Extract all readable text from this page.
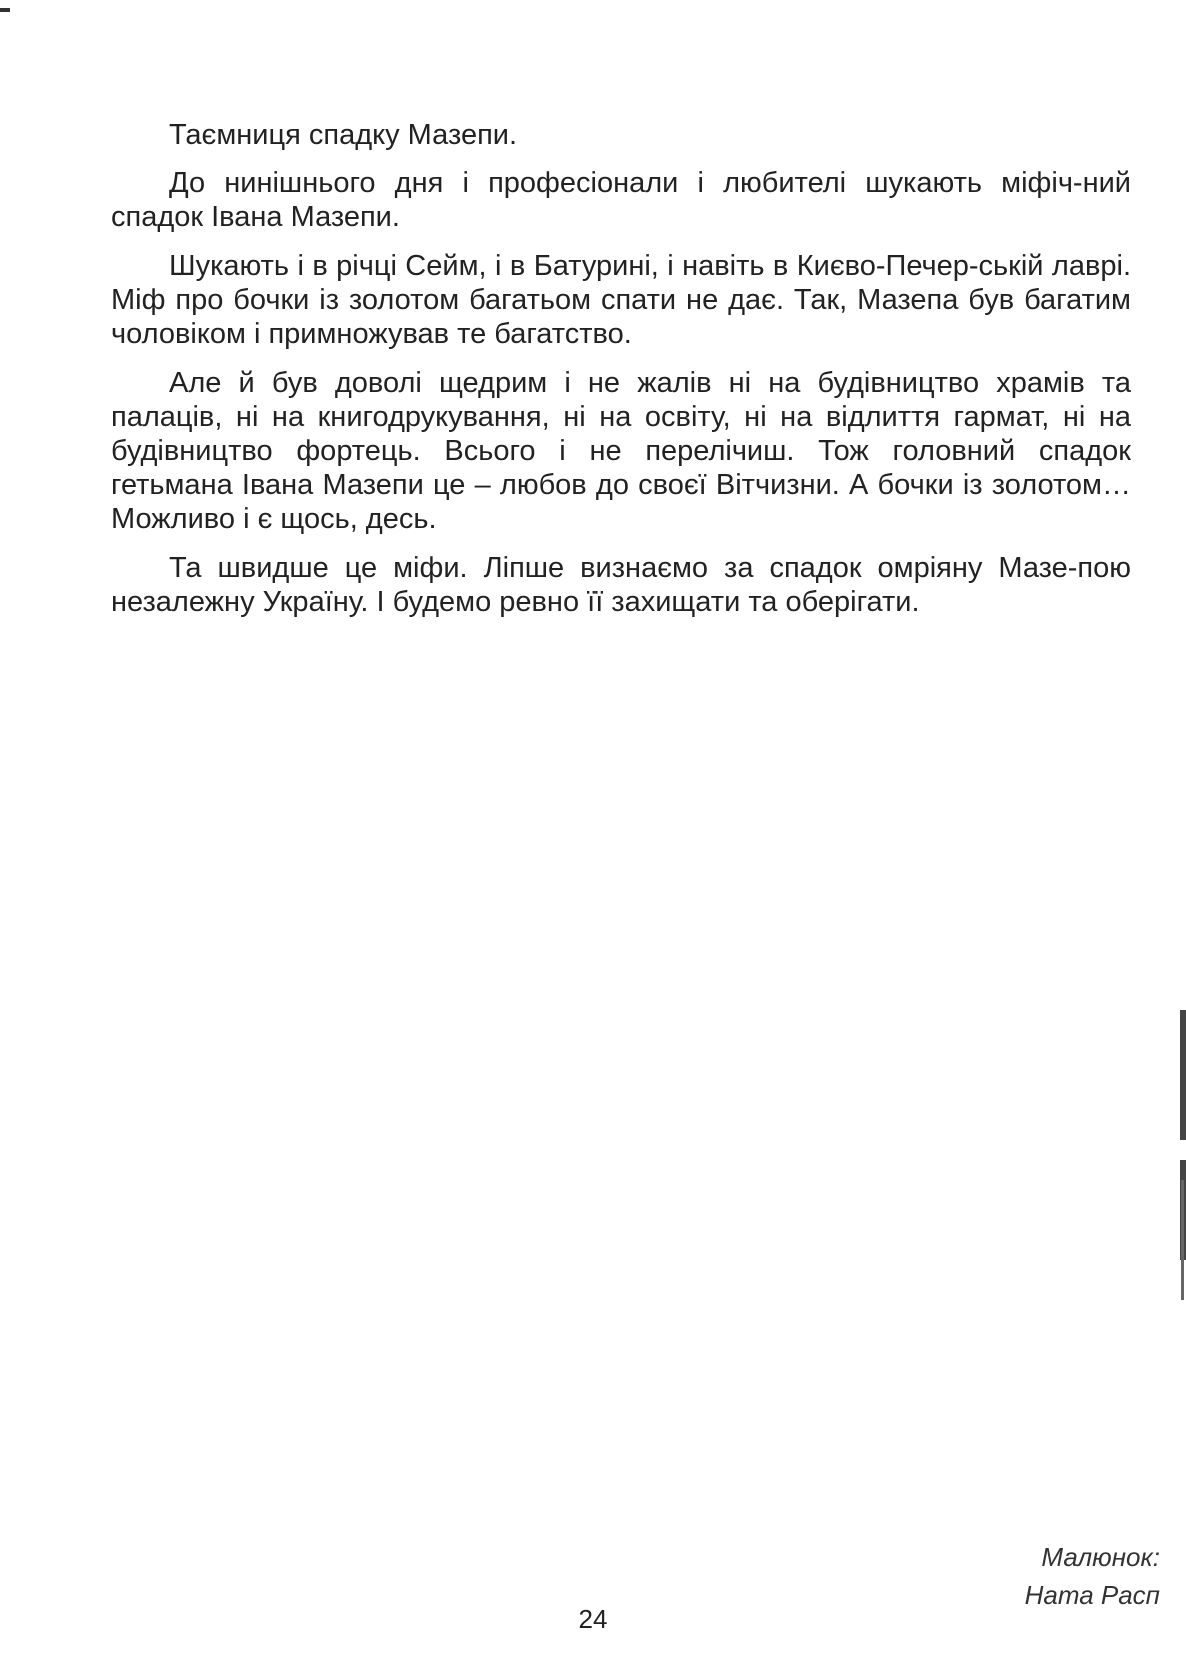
Таємниця спадку Мазепи.

До нинішнього дня і професіонали і любителі шукають міфіч-ний спадок Івана Мазепи.

Шукають і в річці Сейм, і в Батурині, і навіть в Києво-Печер-ській лаврі. Міф про бочки із золотом багатьом спати не дає. Так, Мазепа був багатим чоловіком і примножував те багатство.

Але й був доволі щедрим і не жалів ні на будівництво храмів та палаців, ні на книгодрукування, ні на освіту, ні на відлиття гармат, ні на будівництво фортець. Всього і не перелічиш. Тож головний спадок гетьмана Івана Мазепи це – любов до своєї Вітчизни. А бочки із золотом… Можливо і є щось, десь.

Та швидше це міфи. Ліпше визнаємо за спадок омріяну Мазе-пою незалежну Україну. І будемо ревно її захищати та оберігати.

Малюнок:
Ната Расп
24
